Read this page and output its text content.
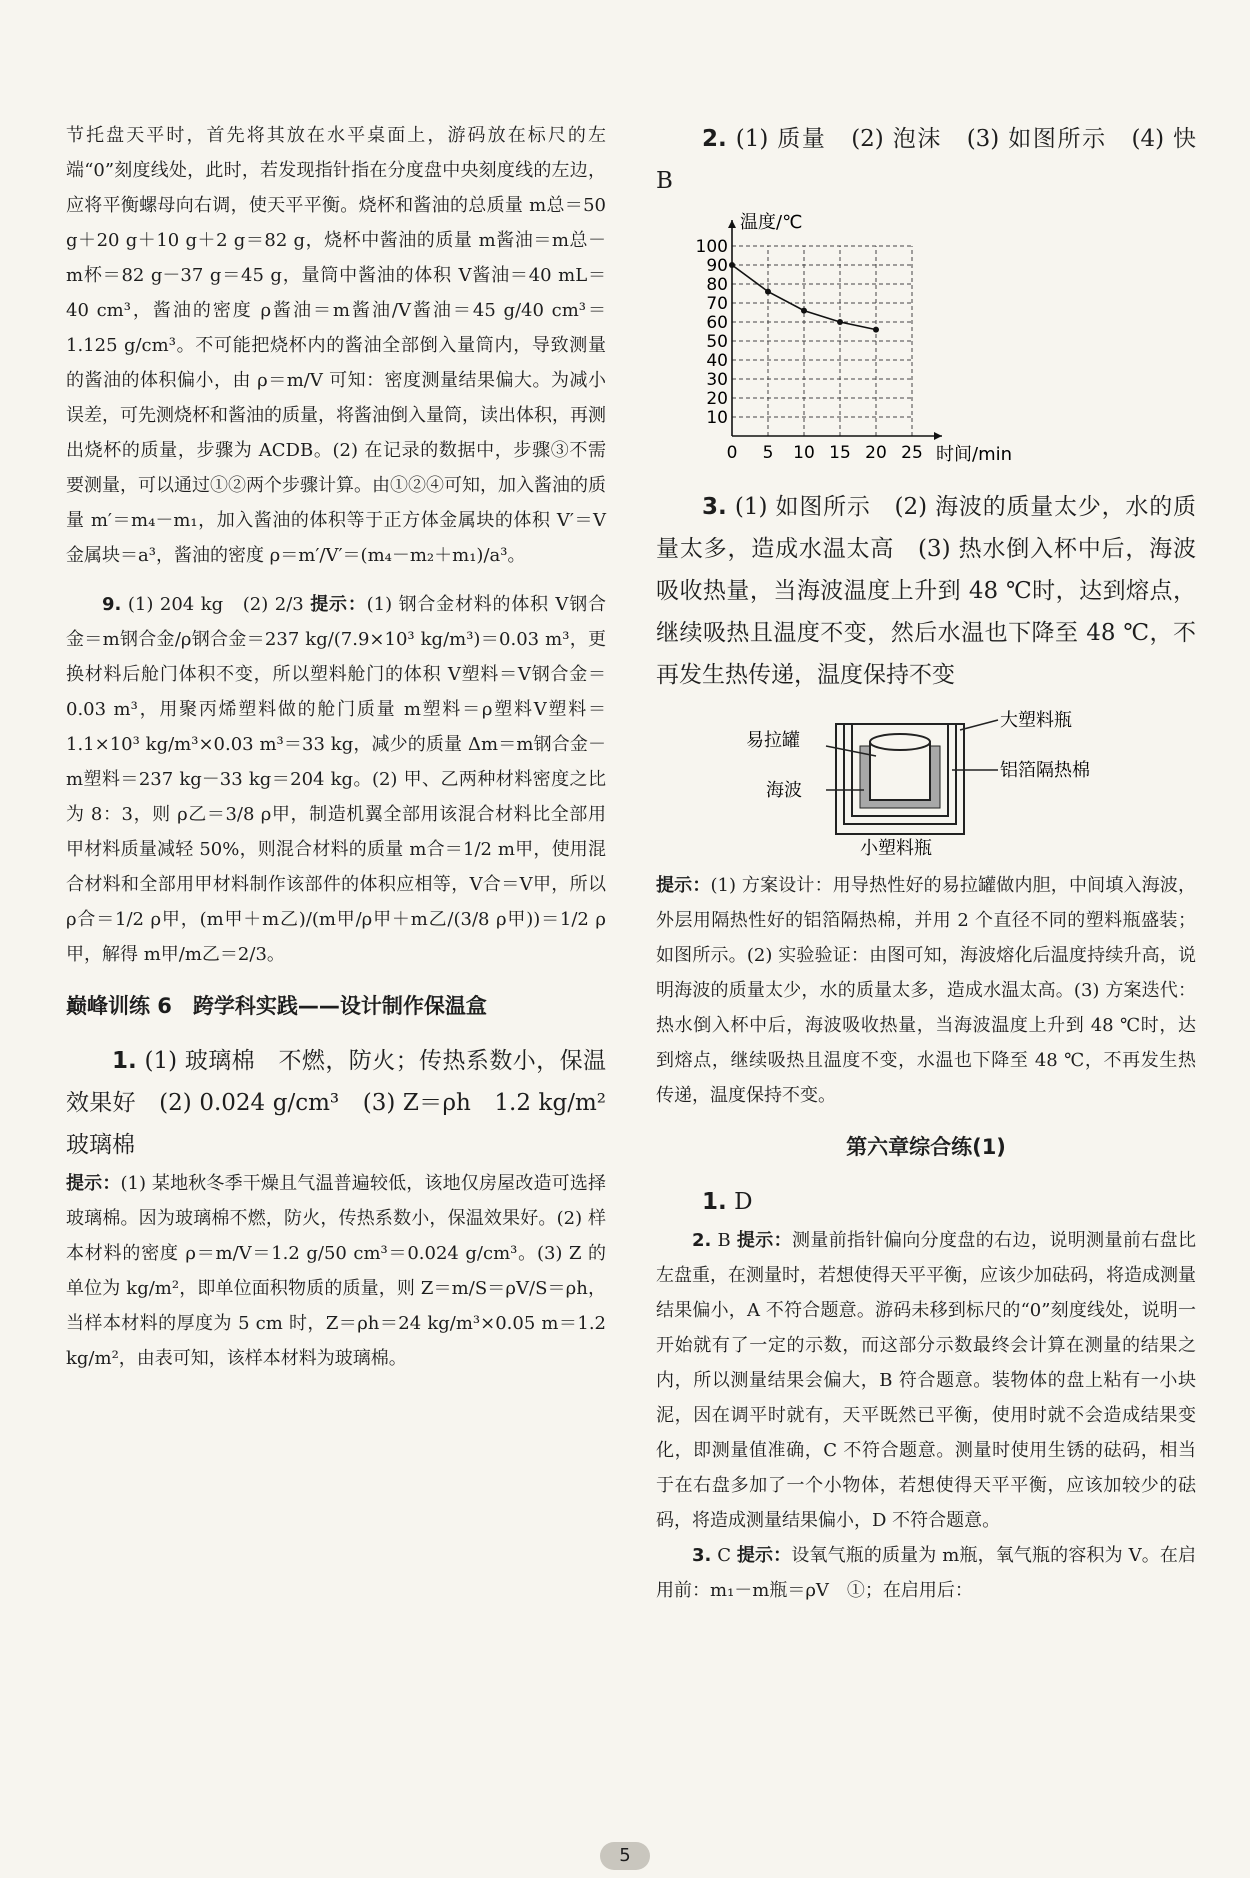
节托盘天平时，首先将其放在水平桌面上，游码放在标尺的左端“0”刻度线处，此时，若发现指针指在分度盘中央刻度线的左边，应将平衡螺母向右调，使天平平衡。烧杯和酱油的总质量 m总＝50 g＋20 g＋10 g＋2 g＝82 g，烧杯中酱油的质量 m酱油＝m总－m杯＝82 g－37 g＝45 g，量筒中酱油的体积 V酱油＝40 mL＝40 cm³，酱油的密度 ρ酱油＝m酱油/V酱油＝45 g/40 cm³＝1.125 g/cm³。不可能把烧杯内的酱油全部倒入量筒内，导致测量的酱油的体积偏小，由 ρ＝m/V 可知：密度测量结果偏大。为减小误差，可先测烧杯和酱油的质量，将酱油倒入量筒，读出体积，再测出烧杯的质量，步骤为 ACDB。(2) 在记录的数据中，步骤③不需要测量，可以通过①②两个步骤计算。由①②④可知，加入酱油的质量 m′＝m₄－m₁，加入酱油的体积等于正方体金属块的体积 V′＝V金属块＝a³，酱油的密度 ρ＝m′/V′＝(m₄－m₂＋m₁)/a³。

9. (1) 204 kg　(2) 2/3 提示：(1) 钢合金材料的体积 V钢合金＝m钢合金/ρ钢合金＝237 kg/(7.9×10³ kg/m³)＝0.03 m³，更换材料后舱门体积不变，所以塑料舱门的体积 V塑料＝V钢合金＝0.03 m³，用聚丙烯塑料做的舱门质量 m塑料＝ρ塑料V塑料＝1.1×10³ kg/m³×0.03 m³＝33 kg，减少的质量 Δm＝m钢合金－m塑料＝237 kg－33 kg＝204 kg。(2) 甲、乙两种材料密度之比为 8：3，则 ρ乙＝3/8 ρ甲，制造机翼全部用该混合材料比全部用甲材料质量减轻 50%，则混合材料的质量 m合＝1/2 m甲，使用混合材料和全部用甲材料制作该部件的体积应相等，V合＝V甲，所以 ρ合＝1/2 ρ甲，(m甲＋m乙)/(m甲/ρ甲＋m乙/(3/8 ρ甲))＝1/2 ρ甲，解得 m甲/m乙＝2/3。

巅峰训练 6　跨学科实践——设计制作保温盒

1. (1) 玻璃棉　不燃，防火；传热系数小，保温效果好　(2) 0.024 g/cm³　(3) Z＝ρh　1.2 kg/m²　玻璃棉

提示：(1) 某地秋冬季干燥且气温普遍较低，该地仅房屋改造可选择玻璃棉。因为玻璃棉不燃，防火，传热系数小，保温效果好。(2) 样本材料的密度 ρ＝m/V＝1.2 g/50 cm³＝0.024 g/cm³。(3) Z 的单位为 kg/m²，即单位面积物质的质量，则 Z＝m/S＝ρV/S＝ρh，当样本材料的厚度为 5 cm 时，Z＝ρh＝24 kg/m³×0.05 m＝1.2 kg/m²，由表可知，该样本材料为玻璃棉。

2. (1) 质量　(2) 泡沫　(3) 如图所示　(4) 快　B

0 5 10 15 20 25
100
90
80
70
60
50
40
30
20
10
温度/℃
时间/min

3. (1) 如图所示　(2) 海波的质量太少，水的质量太多，造成水温太高　(3) 热水倒入杯中后，海波吸收热量，当海波温度上升到 48 ℃时，达到熔点，继续吸热且温度不变，然后水温也下降至 48 ℃，不再发生热传递，温度保持不变

易拉罐
海波
大塑料瓶
铝箔隔热棉
小塑料瓶

提示：(1) 方案设计：用导热性好的易拉罐做内胆，中间填入海波，外层用隔热性好的铝箔隔热棉，并用 2 个直径不同的塑料瓶盛装；如图所示。(2) 实验验证：由图可知，海波熔化后温度持续升高，说明海波的质量太少，水的质量太多，造成水温太高。(3) 方案迭代：热水倒入杯中后，海波吸收热量，当海波温度上升到 48 ℃时，达到熔点，继续吸热且温度不变，水温也下降至 48 ℃，不再发生热传递，温度保持不变。

第六章综合练(1)

1. D

2. B 提示：测量前指针偏向分度盘的右边，说明测量前右盘比左盘重，在测量时，若想使得天平平衡，应该少加砝码，将造成测量结果偏小，A 不符合题意。游码未移到标尺的“0”刻度线处，说明一开始就有了一定的示数，而这部分示数最终会计算在测量的结果之内，所以测量结果会偏大，B 符合题意。装物体的盘上粘有一小块泥，因在调平时就有，天平既然已平衡，使用时就不会造成结果变化，即测量值准确，C 不符合题意。测量时使用生锈的砝码，相当于在右盘多加了一个小物体，若想使得天平平衡，应该加较少的砝码，将造成测量结果偏小，D 不符合题意。

3. C 提示：设氧气瓶的质量为 m瓶，氧气瓶的容积为 V。在启用前：m₁－m瓶＝ρV　①；在启用后：

5
